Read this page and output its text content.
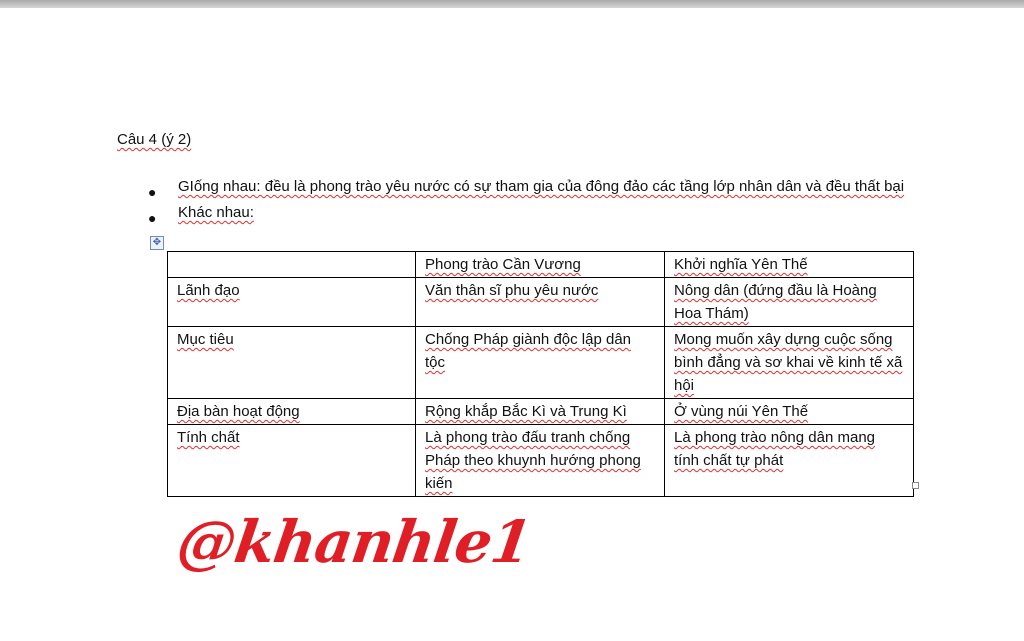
Câu 4 (ý 2)
● GIống nhau: đều là phong trào yêu nước có sự tham gia của đông đảo các tầng lớp nhân dân và đều thất bại
● Khác nhau:
✥
	Phong trào Cần Vương	Khởi nghĩa Yên Thế
Lãnh đạo	Văn thân sĩ phu yêu nước	Nông dân (đứng đầu là Hoàng Hoa Thám)
Mục tiêu	Chống Pháp giành độc lập dân tộc	Mong muốn xây dựng cuộc sống bình đẳng và sơ khai về kinh tế xã hội
Địa bàn hoạt động	Rộng khắp Bắc Kì và Trung Kì	Ở vùng núi Yên Thế
Tính chất	Là phong trào đấu tranh chống Pháp theo khuynh hướng phong kiến	Là phong trào nông dân mang tính chất tự phát
@khanhle1
